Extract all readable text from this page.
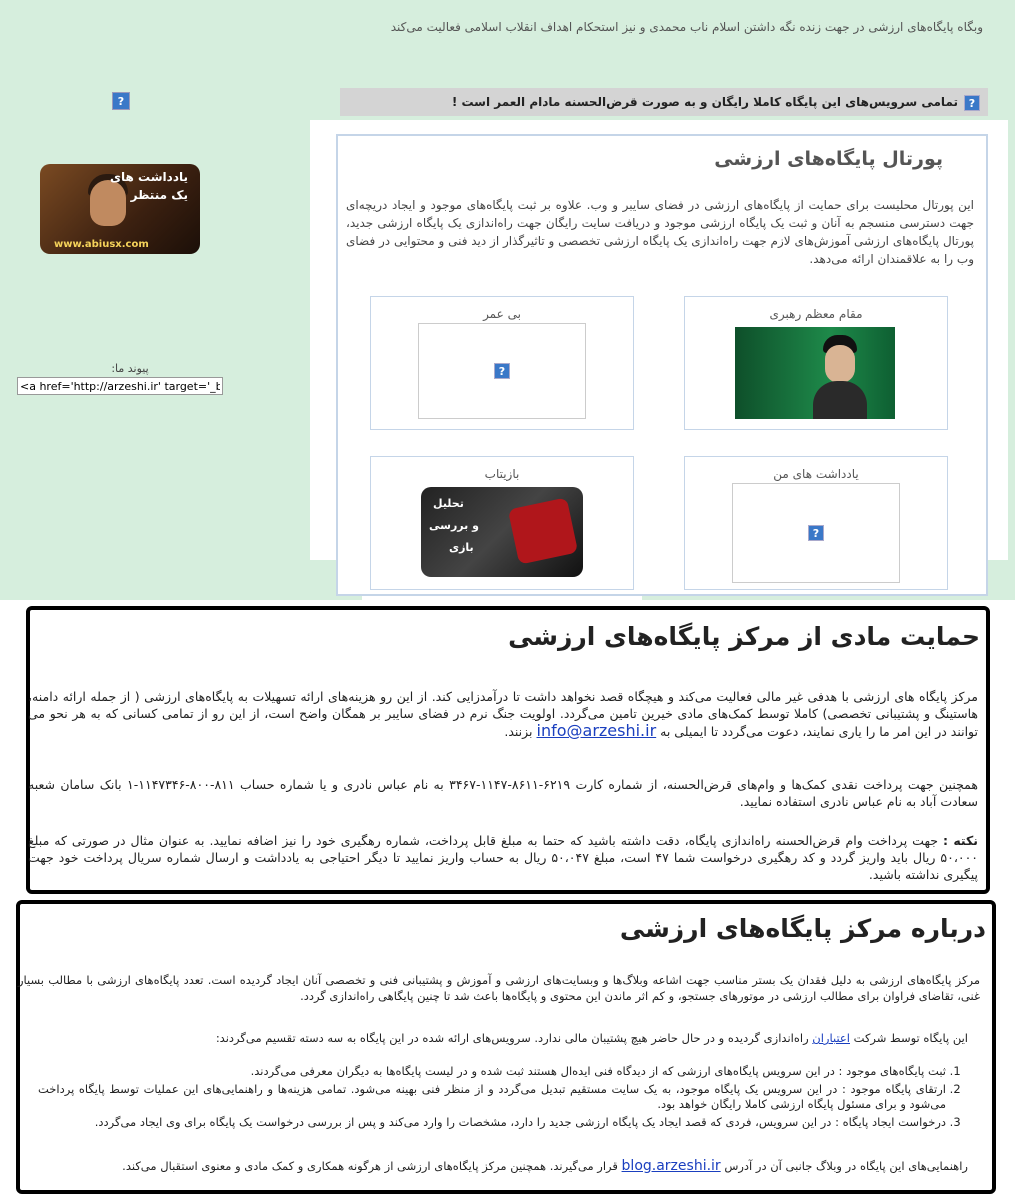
وبگاه پایگاه‌های ارزشی در جهت زنده نگه داشتن اسلام ناب محمدی و نیز استحکام اهداف انقلاب اسلامی فعالیت می‌کند
?	?تمامی سرویس‌های این پایگاه کاملا رایگان و به صورت قرض‌الحسنه مادام العمر است !
یادداشت های
یک منتظر
www.abiusx.com
پیوند ما:
<a href='http://arzeshi.ir' target='_blank'>
پورتال پایگاه‌های ارزشی
این پورتال محلیست برای حمایت از پایگاه‌های ارزشی در فضای سایبر و وب. علاوه بر ثبت پایگاه‌های موجود و ایجاد دریچه‌ای جهت دسترسی منسجم به آنان و ثبت یک پایگاه ارزشی موجود و دریافت سایت رایگان جهت راه‌اندازی یک پایگاه ارزشی جدید، پورتال پایگاه‌های ارزشی آموزش‌های لازم جهت راه‌اندازی یک پایگاه ارزشی تخصصی و تاثیرگذار از دید فنی و محتوایی در فضای وب را به علاقمندان ارائه می‌دهد.
مقام معظم رهبری
بی عمر
?
یادداشت های من
?
بازیتاب
تحلیل
و بررسی
بازی
حمایت مادی از مرکز پایگاه‌های ارزشی
مرکز پایگاه های ارزشی با هدفی غیر مالی فعالیت می‌کند و هیچگاه قصد نخواهد داشت تا درآمدزایی کند. از این رو هزینه‌های ارائه تسهیلات به پایگاه‌های ارزشی ( از جمله ارائه دامنه، هاستینگ و پشتیبانی تخصصی) کاملا توسط کمک‌های مادی خیرین تامین می‌گردد. اولویت جنگ نرم در فضای سایبر بر همگان واضح است، از این رو از تمامی کسانی که به هر نحو می توانند در این امر ما را یاری نمایند، دعوت می‌گردد تا ایمیلی به info@arzeshi.ir بزنند.
همچنین جهت پرداخت نقدی کمک‌ها و وام‌های قرض‌الحسنه، از شماره کارت ۶۲۱۹-۸۶۱۱-۱۱۴۷-۳۴۶۷ به نام عباس نادری و یا شماره حساب ۸۱۱-۸۰۰-۱۱۴۷۳۴۶-۱ بانک سامان شعبه سعادت آباد به نام عباس نادری استفاده نمایید.
نکته : جهت پرداخت وام قرض‌الحسنه راه‌اندازی پایگاه، دقت داشته باشید که حتما به مبلغ قابل پرداخت، شماره رهگیری خود را نیز اضافه نمایید. به عنوان مثال در صورتی که مبلغ ۵۰،۰۰۰ ریال باید واریز گردد و کد رهگیری درخواست شما ۴۷ است، مبلغ ۵۰،۰۴۷ ریال به حساب واریز نمایید تا دیگر احتیاجی به یادداشت و ارسال شماره سریال پرداخت خود جهت پیگیری نداشته باشید.
درباره مرکز پایگاه‌های ارزشی
مرکز پایگاه‌های ارزشی به دلیل فقدان یک بستر مناسب جهت اشاعه وبلاگ‌ها و وبسایت‌های ارزشی و آموزش و پشتیبانی فنی و تخصصی آنان ایجاد گردیده است. تعدد پایگاه‌های ارزشی با مطالب بسیار غنی، تقاضای فراوان برای مطالب ارزشی در موتورهای جستجو، و کم اثر ماندن این محتوی و پایگاه‌ها باعث شد تا چنین پایگاهی راه‌اندازی گردد.
این پایگاه توسط شرکت اعتباران راه‌اندازی گردیده و در حال حاضر هیچ پشتیبان مالی ندارد. سرویس‌های ارائه شده در این پایگاه به سه دسته تقسیم می‌گردند:
1. ثبت پایگاه‌های موجود : در این سرویس پایگاه‌های ارزشی که از دیدگاه فنی ایده‌ال هستند ثبت شده و در لیست پایگاه‌ها به دیگران معرفی می‌گردند.
2. ارتقای پایگاه موجود : در این سرویس یک پایگاه موجود، به یک سایت مستقیم تبدیل می‌گردد و از منظر فنی بهینه می‌شود. تمامی هزینه‌ها و راهنمایی‌های این عملیات توسط پایگاه پرداخت می‌شود و برای مسئول پایگاه ارزشی کاملا رایگان خواهد بود.
3. درخواست ایجاد پایگاه : در این سرویس، فردی که قصد ایجاد یک پایگاه ارزشی جدید را دارد، مشخصات را وارد می‌کند و پس از بررسی درخواست یک پایگاه برای وی ایجاد می‌گردد.
راهنمایی‌های این پایگاه در وبلاگ جانبی آن در آدرس blog.arzeshi.ir قرار می‌گیرند. همچنین مرکز پایگاه‌های ارزشی از هرگونه همکاری و کمک مادی و معنوی استقبال می‌کند.
